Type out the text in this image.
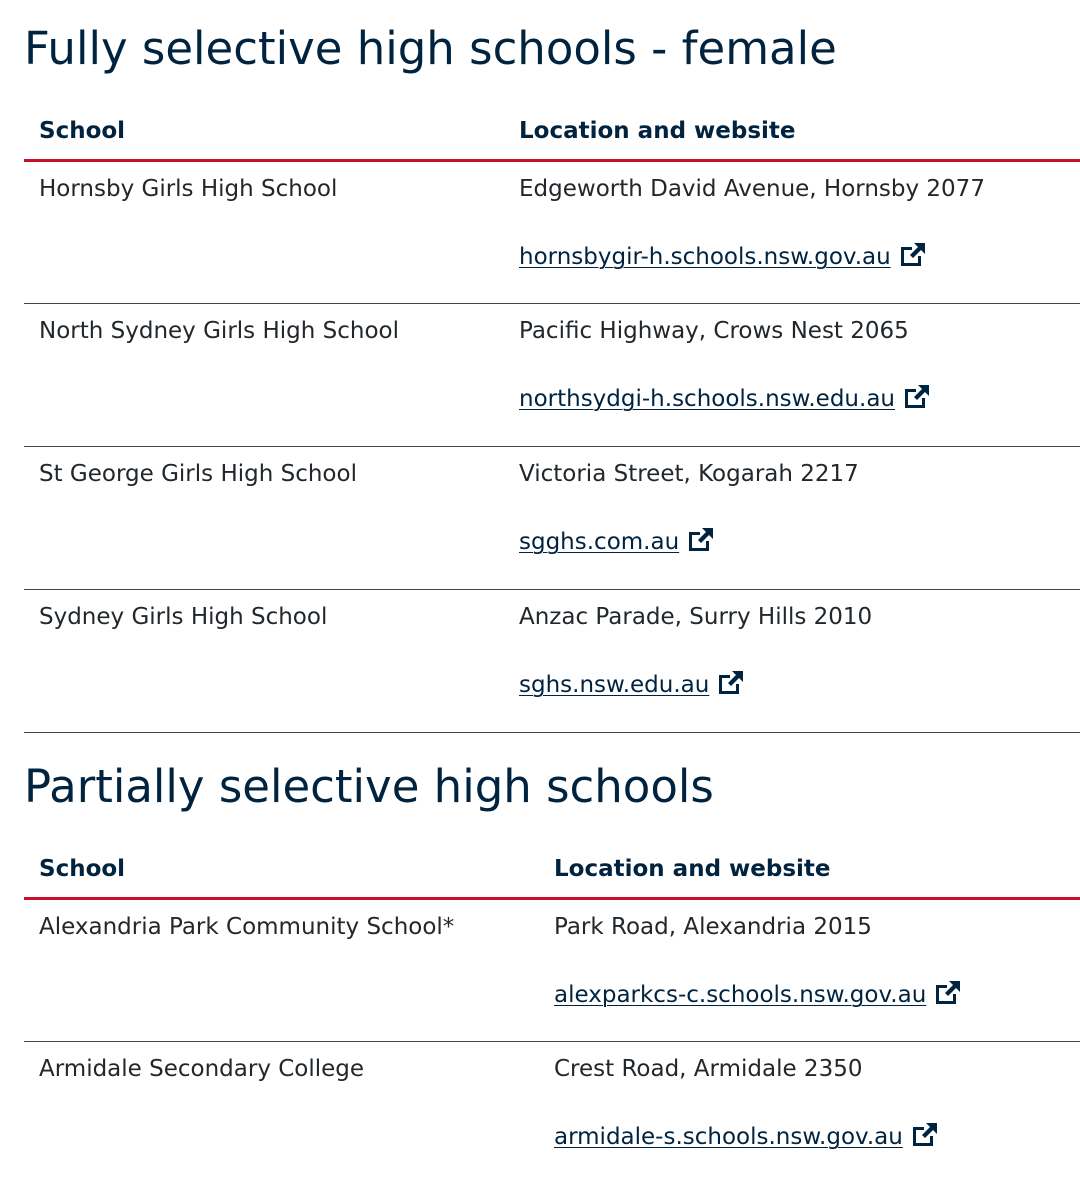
Fully selective high schools - female
School	Location and website

Hornsby Girls High School	Edgeworth David Avenue, Hornsby 2077

hornsbygir-h.schools.nsw.gov.au

North Sydney Girls High School	Pacific Highway, Crows Nest 2065

northsydgi-h.schools.nsw.edu.au

St George Girls High School	Victoria Street, Kogarah 2217

sgghs.com.au

Sydney Girls High School	Anzac Parade, Surry Hills 2010

sghs.nsw.edu.au

Partially selective high schools
School	Location and website

Alexandria Park Community School*	Park Road, Alexandria 2015

alexparkcs-c.schools.nsw.gov.au

Armidale Secondary College	Crest Road, Armidale 2350

armidale-s.schools.nsw.gov.au
